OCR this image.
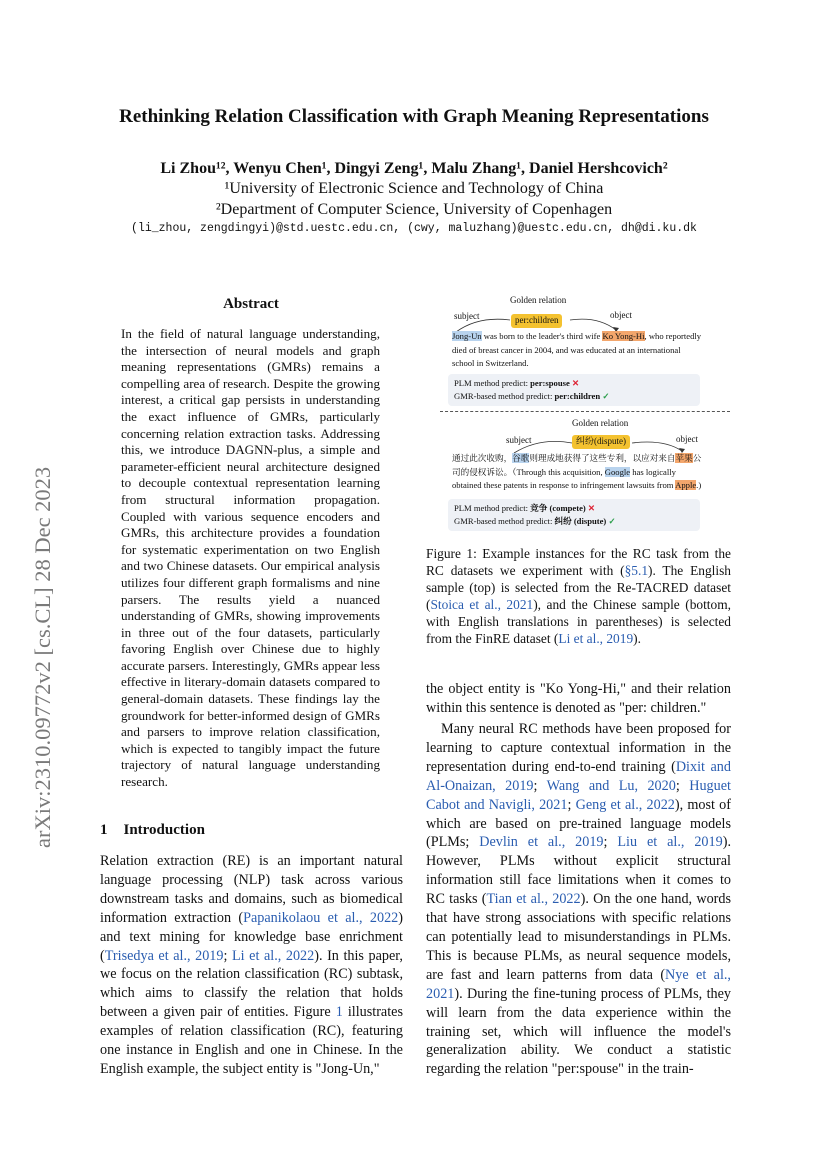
arXiv:2310.09772v2 [cs.CL] 28 Dec 2023
Rethinking Relation Classification with Graph Meaning Representations
Li Zhou¹², Wenyu Chen¹, Dingyi Zeng¹, Malu Zhang¹, Daniel Hershcovich²
¹University of Electronic Science and Technology of China
²Department of Computer Science, University of Copenhagen
(li_zhou, zengdingyi)@std.uestc.edu.cn, (cwy, maluzhang)@uestc.edu.cn, dh@di.ku.dk
Abstract
In the field of natural language understanding, the intersection of neural models and graph meaning representations (GMRs) remains a compelling area of research. Despite the growing interest, a critical gap persists in understanding the exact influence of GMRs, particularly concerning relation extraction tasks. Addressing this, we introduce DAGNN-plus, a simple and parameter-efficient neural architecture designed to decouple contextual representation learning from structural information propagation. Coupled with various sequence encoders and GMRs, this architecture provides a foundation for systematic experimentation on two English and two Chinese datasets. Our empirical analysis utilizes four different graph formalisms and nine parsers. The results yield a nuanced understanding of GMRs, showing improvements in three out of the four datasets, particularly favoring English over Chinese due to highly accurate parsers. Interestingly, GMRs appear less effective in literary-domain datasets compared to general-domain datasets. These findings lay the groundwork for better-informed design of GMRs and parsers to improve relation classification, which is expected to tangibly impact the future trajectory of natural language understanding research.
1 Introduction
Relation extraction (RE) is an important natural language processing (NLP) task across various downstream tasks and domains, such as biomedical information extraction (Papanikolaou et al., 2022) and text mining for knowledge base enrichment (Trisedya et al., 2019; Li et al., 2022). In this paper, we focus on the relation classification (RC) subtask, which aims to classify the relation that holds between a given pair of entities. Figure 1 illustrates examples of relation classification (RC), featuring one instance in English and one in Chinese. In the English example, the subject entity is "Jong-Un,"
Golden relation
subject	object
per:children
Jong-Un was born to the leader's third wife Ko Yong-Hi, who reportedly died of breast cancer in 2004, and was educated at an international school in Switzerland.
PLM method predict: per:spouse ✕
GMR-based method predict: per:children ✓
Golden relation
subject	object
纠纷(dispute)
通过此次收购，谷歌则理成地获得了这些专利，以应对来自苹果公司的侵权诉讼。（Through this acquisition, Google has logically obtained these patents in response to infringement lawsuits from Apple.)
PLM method predict: 竞争 (compete) ✕
GMR-based method predict: 纠纷 (dispute) ✓
Figure 1: Example instances for the RC task from the RC datasets we experiment with (§5.1). The English sample (top) is selected from the Re-TACRED dataset (Stoica et al., 2021), and the Chinese sample (bottom, with English translations in parentheses) is selected from the FinRE dataset (Li et al., 2019).
the object entity is "Ko Yong-Hi," and their relation within this sentence is denoted as "per: children."
Many neural RC methods have been proposed for learning to capture contextual information in the representation during end-to-end training (Dixit and Al-Onaizan, 2019; Wang and Lu, 2020; Huguet Cabot and Navigli, 2021; Geng et al., 2022), most of which are based on pre-trained language models (PLMs; Devlin et al., 2019; Liu et al., 2019). However, PLMs without explicit structural information still face limitations when it comes to RC tasks (Tian et al., 2022). On the one hand, words that have strong associations with specific relations can potentially lead to misunderstandings in PLMs. This is because PLMs, as neural sequence models, are fast and learn patterns from data (Nye et al., 2021). During the fine-tuning process of PLMs, they will learn from the data experience within the training set, which will influence the model's generalization ability. We conduct a statistic regarding the relation "per:spouse" in the train-
